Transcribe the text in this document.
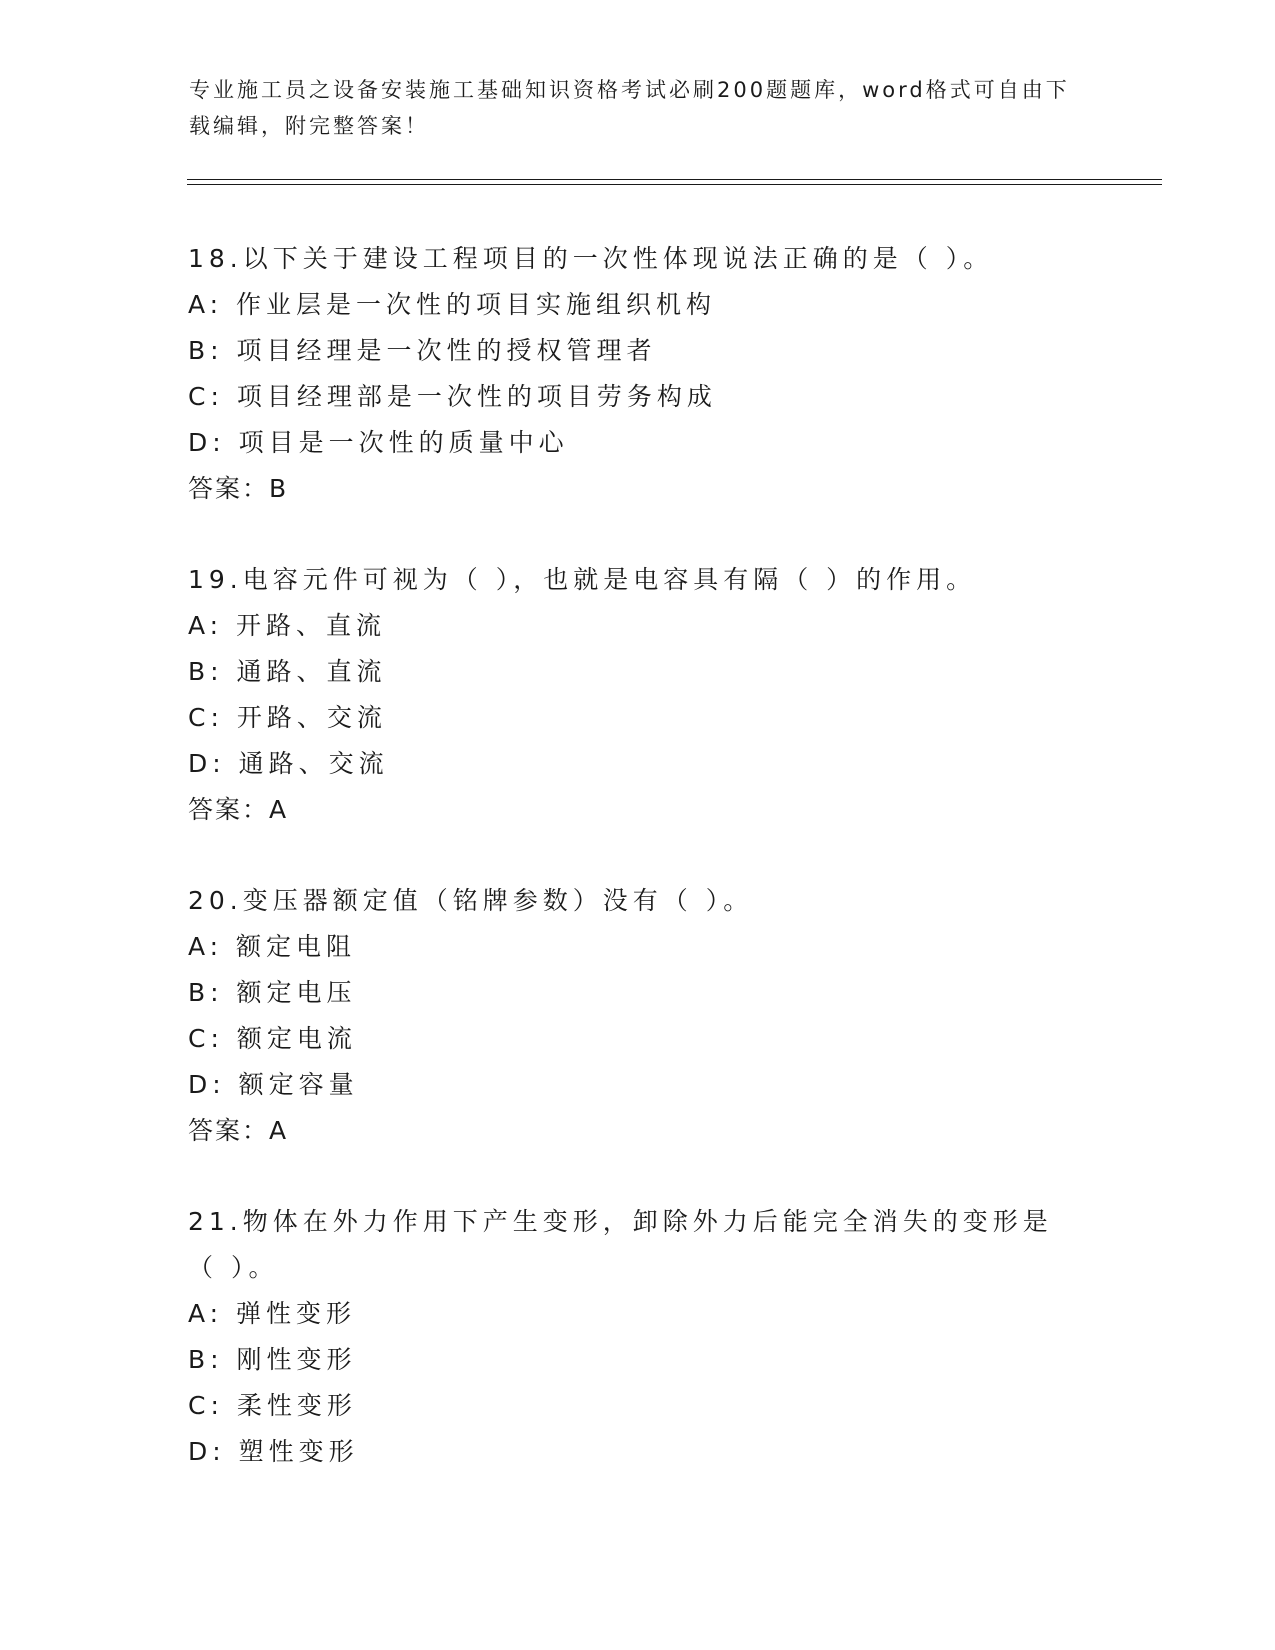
专业施工员之设备安装施工基础知识资格考试必刷200题题库，word格式可自由下载编辑，附完整答案！
18.以下关于建设工程项目的一次性体现说法正确的是（ ）。
A: 作业层是一次性的项目实施组织机构
B: 项目经理是一次性的授权管理者
C: 项目经理部是一次性的项目劳务构成
D: 项目是一次性的质量中心
答案：B
19.电容元件可视为（ ），也就是电容具有隔（ ）的作用。
A: 开路、直流
B: 通路、直流
C: 开路、交流
D: 通路、交流
答案：A
20.变压器额定值（铭牌参数）没有（ ）。
A: 额定电阻
B: 额定电压
C: 额定电流
D: 额定容量
答案：A
21.物体在外力作用下产生变形，卸除外力后能完全消失的变形是（ ）。
A: 弹性变形
B: 刚性变形
C: 柔性变形
D: 塑性变形
